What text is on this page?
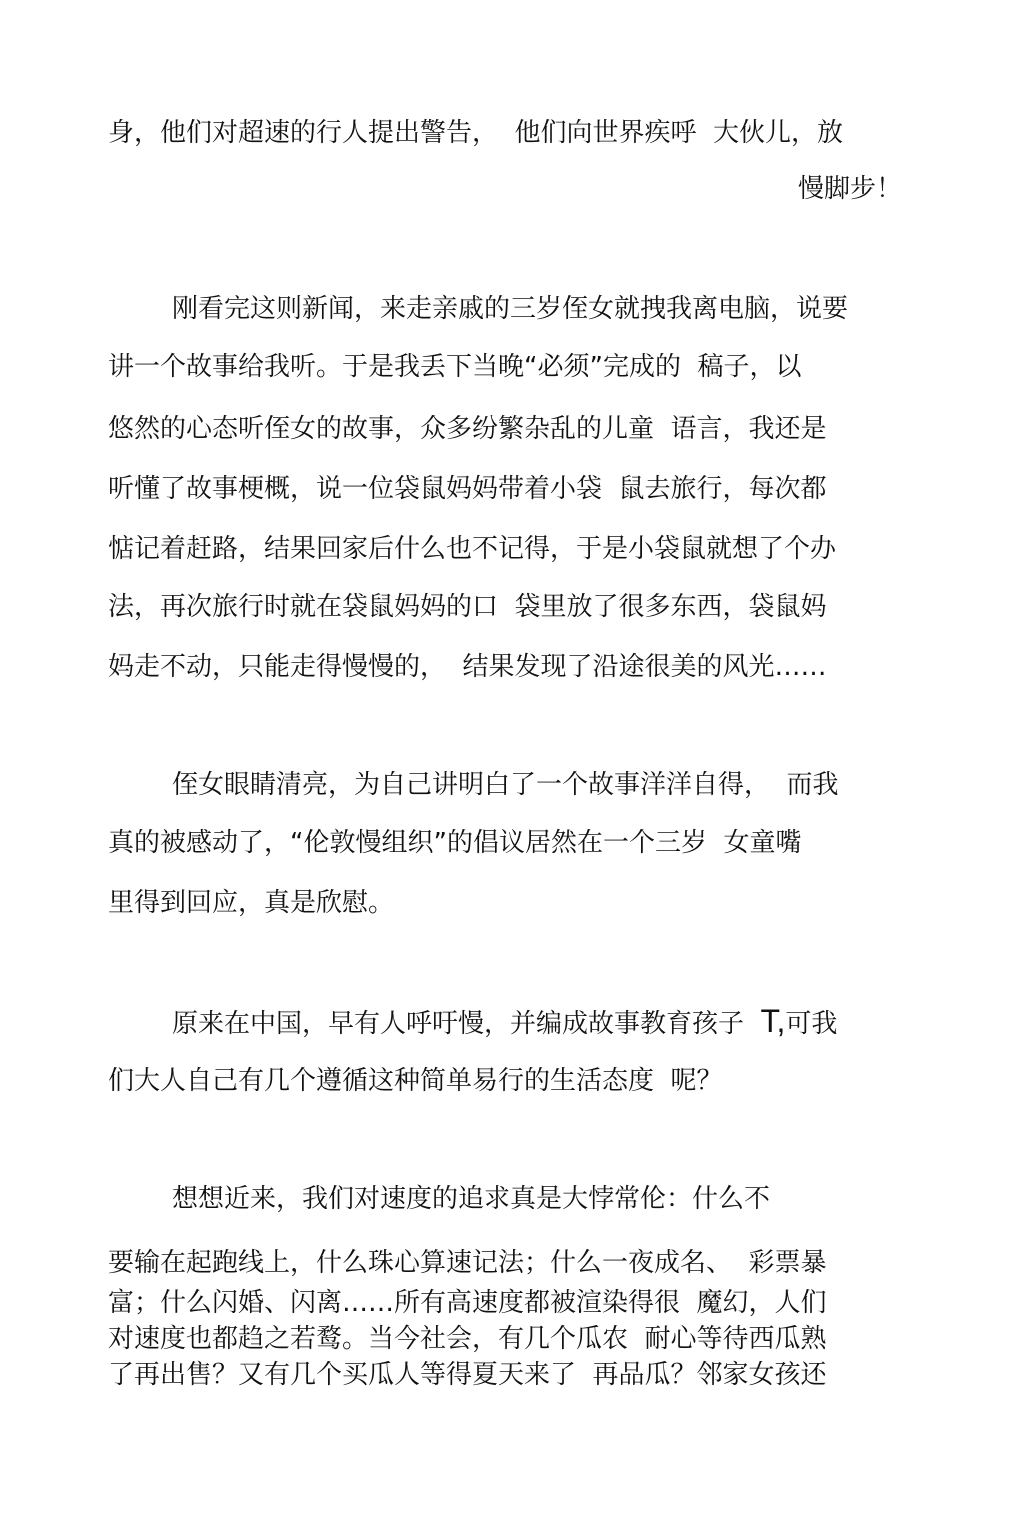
身，他们对超速的行人提出警告，  他们向世界疾呼  大伙儿，放
慢脚步！
刚看完这则新闻，来走亲戚的三岁侄女就拽我离电脑，说要
讲一个故事给我听。于是我丢下当晚“必须”完成的  稿子，以
悠然的心态听侄女的故事，众多纷繁杂乱的儿童  语言，我还是
听懂了故事梗概，说一位袋鼠妈妈带着小袋  鼠去旅行，每次都
惦记着赶路，结果回家后什么也不记得，于是小袋鼠就想了个办
法，再次旅行时就在袋鼠妈妈的口  袋里放了很多东西，袋鼠妈
妈走不动，只能走得慢慢的，  结果发现了沿途很美的风光……
侄女眼睛清亮，为自己讲明白了一个故事洋洋自得，  而我
真的被感动了，“伦敦慢组织”的倡议居然在一个三岁  女童嘴
里得到回应，真是欣慰。
原来在中国，早有人呼吁慢，并编成故事教育孩子  T,可我
们大人自己有几个遵循这种简单易行的生活态度  呢？
想想近来，我们对速度的追求真是大悖常伦：什么不
要输在起跑线上，什么珠心算速记法；什么一夜成名、  彩票暴
富；什么闪婚、闪离……所有高速度都被渲染得很  魔幻，人们
对速度也都趋之若鹜。当今社会，有几个瓜农  耐心等待西瓜熟
了再出售？又有几个买瓜人等得夏天来了  再品瓜？邻家女孩还
